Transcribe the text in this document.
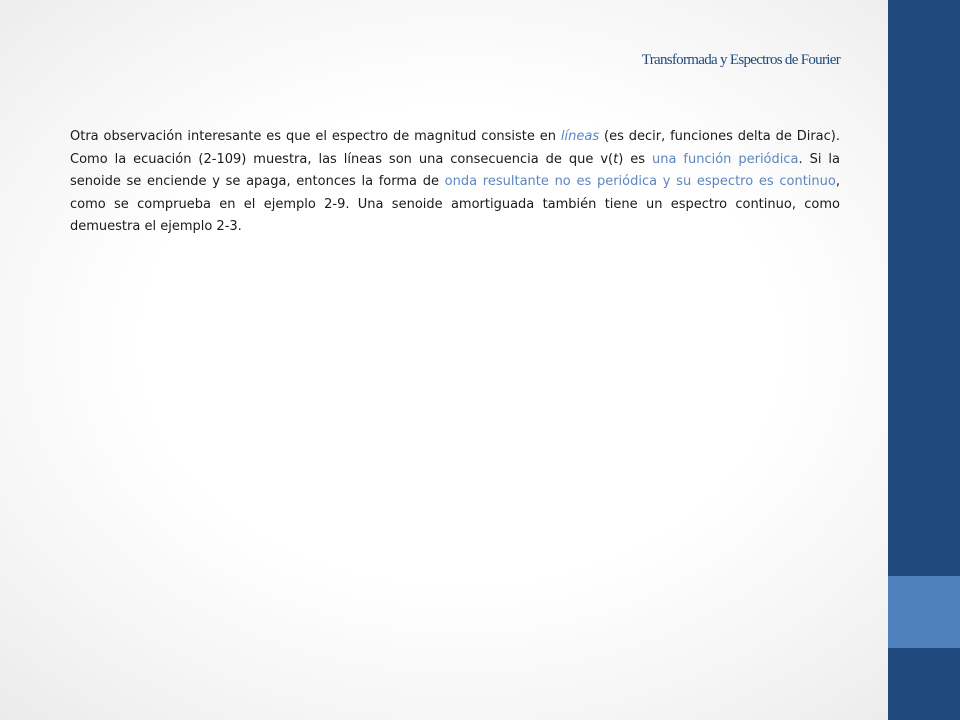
Transformada y Espectros de Fourier

Otra observación interesante es que el espectro de magnitud consiste en líneas (es decir, funciones delta de Dirac). Como la ecuación (2-109) muestra, las líneas son una consecuencia de que v(t) es una función periódica. Si la senoide se enciende y se apaga, entonces la forma de onda resultante no es periódica y su espectro es continuo, como se comprueba en el ejemplo 2-9. Una senoide amortiguada también tiene un espectro continuo, como demuestra el ejemplo 2-3.
